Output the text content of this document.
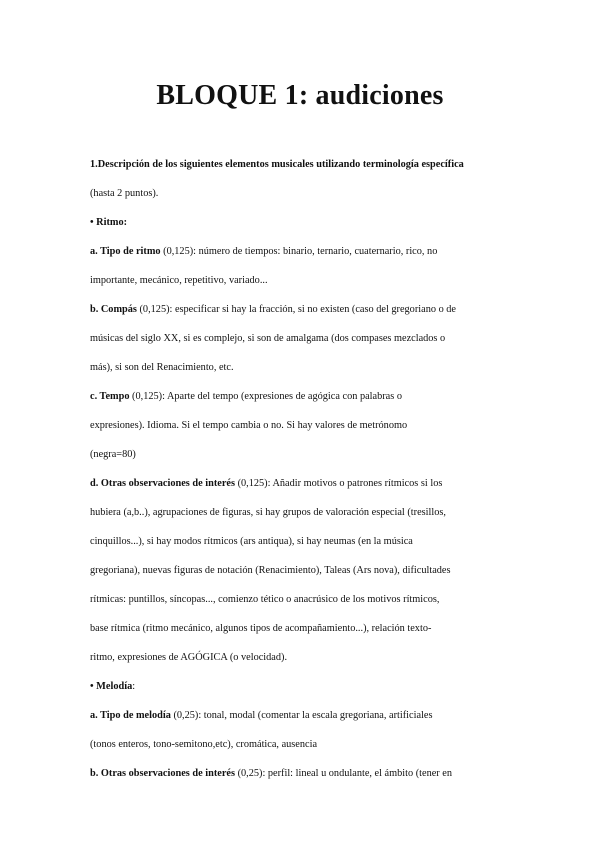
BLOQUE 1: audiciones
1.Descripción de los siguientes elementos musicales utilizando terminología específica
(hasta 2 puntos).
• Ritmo:
a. Tipo de ritmo (0,125): número de tiempos: binario, ternario, cuaternario, rico, no
importante, mecánico, repetitivo, variado...
b. Compás (0,125): especificar si hay la fracción, si no existen (caso del gregoriano o de
músicas del siglo XX, si es complejo, si son de amalgama (dos compases mezclados o
más), si son del Renacimiento, etc.
c. Tempo (0,125): Aparte del tempo (expresiones de agógica con palabras o
expresiones). Idioma. Si el tempo cambia o no. Si hay valores de metrónomo
(negra=80)
d. Otras observaciones de interés (0,125): Añadir motivos o patrones rítmicos si los
hubiera (a,b..), agrupaciones de figuras, si hay grupos de valoración especial (tresillos,
cinquillos...), si hay modos rítmicos (ars antiqua), si hay neumas (en la música
gregoriana), nuevas figuras de notación (Renacimiento), Taleas (Ars nova), dificultades
rítmicas: puntillos, síncopas..., comienzo tético o anacrúsico de los motivos rítmicos,
base rítmica (ritmo mecánico, algunos tipos de acompañamiento...), relación texto-
ritmo, expresiones de AGÓGICA (o velocidad).
• Melodía:
a. Tipo de melodía (0,25): tonal, modal (comentar la escala gregoriana, artificiales
(tonos enteros, tono-semitono,etc), cromática, ausencia
b. Otras observaciones de interés (0,25): perfil: lineal u ondulante, el ámbito (tener en
